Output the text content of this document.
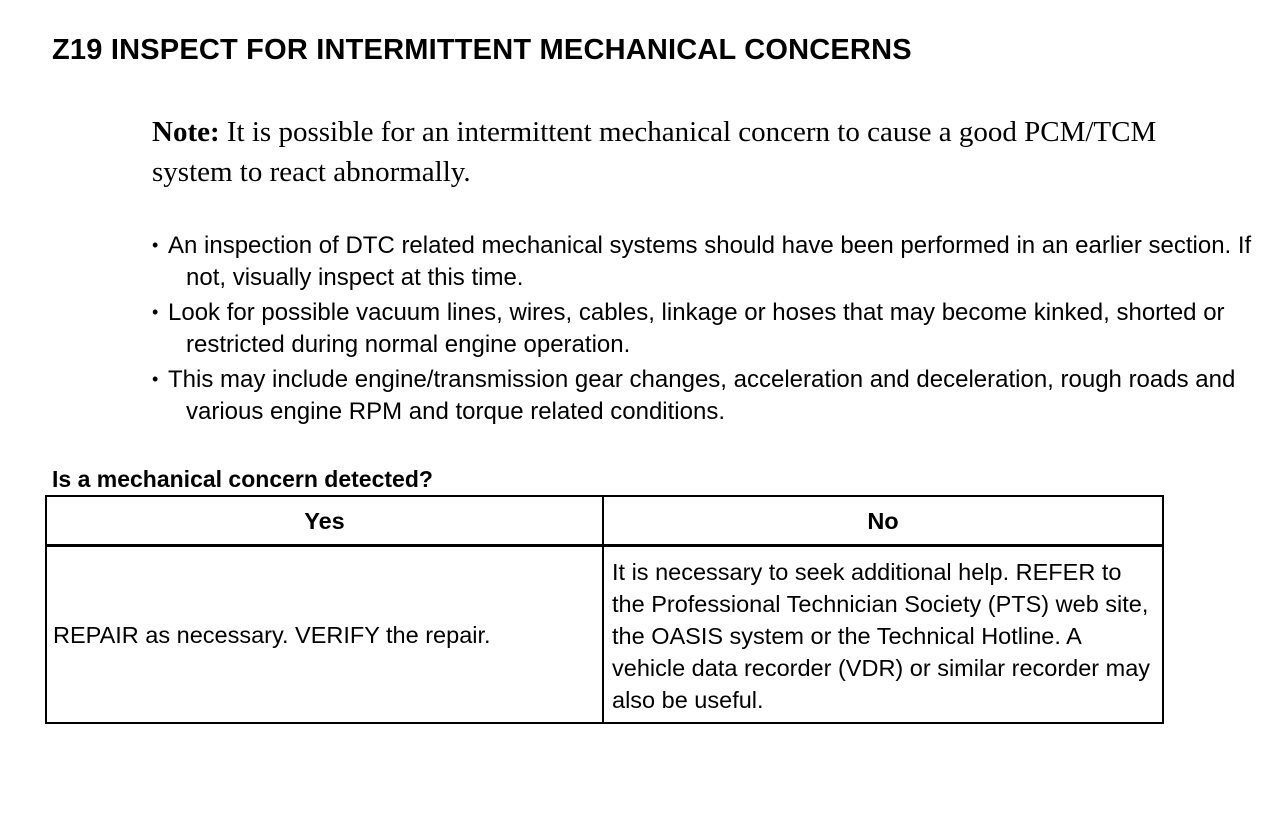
Z19 INSPECT FOR INTERMITTENT MECHANICAL CONCERNS

Note: It is possible for an intermittent mechanical concern to cause a good PCM/TCM system to react abnormally.

• An inspection of DTC related mechanical systems should have been performed in an earlier section. If not, visually inspect at this time.
• Look for possible vacuum lines, wires, cables, linkage or hoses that may become kinked, shorted or restricted during normal engine operation.
• This may include engine/transmission gear changes, acceleration and deceleration, rough roads and various engine RPM and torque related conditions.

Is a mechanical concern detected?

Yes	No
REPAIR as necessary. VERIFY the repair.	It is necessary to seek additional help. REFER to the Professional Technician Society (PTS) web site, the OASIS system or the Technical Hotline. A vehicle data recorder (VDR) or similar recorder may also be useful.
